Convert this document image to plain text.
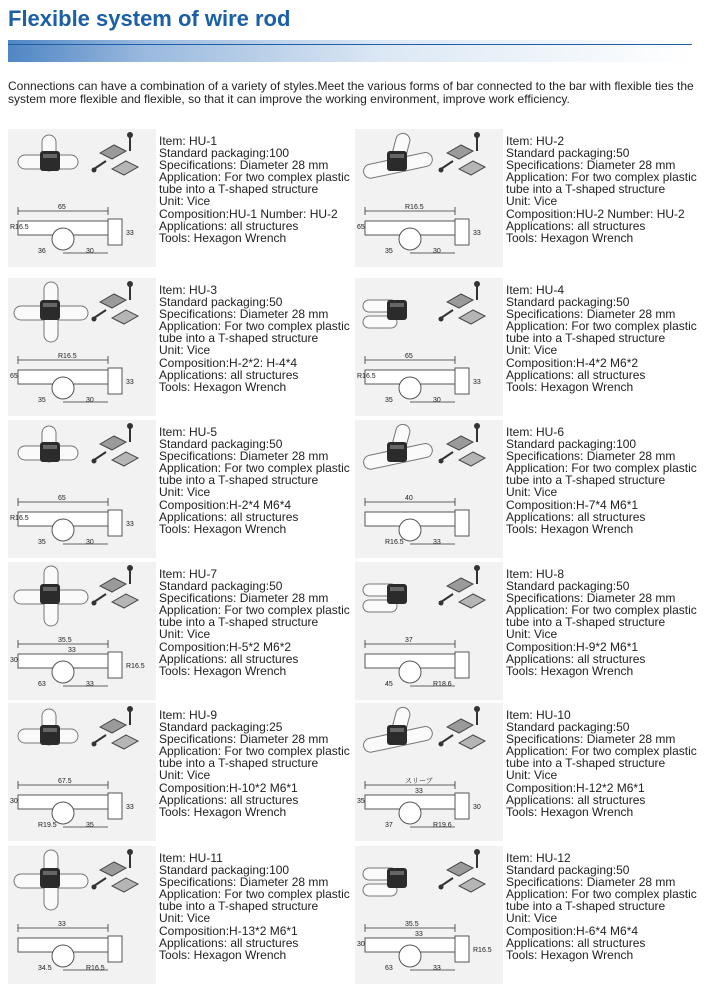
Flexible system of wire rod
Connections can have a combination of a variety of styles.Meet the various forms of bar connected to the bar with flexible ties the system more flexible and flexible, so that it can improve the working environment, improve work efficiency.
65
36	30
R16.5
33
Item: HU-1
Standard packaging:100
Specifications: Diameter 28 mm
Application: For two complex plastic tube into a T-shaped structure
Unit: Vice
Composition:HU-1 Number: HU-2
Applications: all structures
Tools: Hexagon Wrench
R16.5
35	30
65
33
Item: HU-2
Standard packaging:50
Specifications: Diameter 28 mm
Application: For two complex plastic tube into a T-shaped structure
Unit: Vice
Composition:HU-2 Number: HU-2
Applications: all structures
Tools: Hexagon Wrench
R16.5
35	30
65
33
Item: HU-3
Standard packaging:50
Specifications: Diameter 28 mm
Application: For two complex plastic tube into a T-shaped structure
Unit: Vice
Composition:H-2*2: H-4*4
Applications: all structures
Tools: Hexagon Wrench
65
35	30
R16.5
33
Item: HU-4
Standard packaging:50
Specifications: Diameter 28 mm
Application: For two complex plastic tube into a T-shaped structure
Unit: Vice
Composition:H-4*2 M6*2
Applications: all structures
Tools: Hexagon Wrench
65
35	30
R16.5
33
Item: HU-5
Standard packaging:50
Specifications: Diameter 28 mm
Application: For two complex plastic tube into a T-shaped structure
Unit: Vice
Composition:H-2*4 M6*4
Applications: all structures
Tools: Hexagon Wrench
40
R16.5	33
Item: HU-6
Standard packaging:100
Specifications: Diameter 28 mm
Application: For two complex plastic tube into a T-shaped structure
Unit: Vice
Composition:H-7*4 M6*1
Applications: all structures
Tools: Hexagon Wrench
35.5
63	33
30
R16.5
33
Item: HU-7
Standard packaging:50
Specifications: Diameter 28 mm
Application: For two complex plastic tube into a T-shaped structure
Unit: Vice
Composition:H-5*2 M6*2
Applications: all structures
Tools: Hexagon Wrench
37
45	R18.6
Item: HU-8
Standard packaging:50
Specifications: Diameter 28 mm
Application: For two complex plastic tube into a T-shaped structure
Unit: Vice
Composition:H-9*2 M6*1
Applications: all structures
Tools: Hexagon Wrench
67.5
R19.5	35
30
33
Item: HU-9
Standard packaging:25
Specifications: Diameter 28 mm
Application: For two complex plastic tube into a T-shaped structure
Unit: Vice
Composition:H-10*2 M6*1
Applications: all structures
Tools: Hexagon Wrench
スリーブ
37	R19.6
35
30
33
Item: HU-10
Standard packaging:50
Specifications: Diameter 28 mm
Application: For two complex plastic tube into a T-shaped structure
Unit: Vice
Composition:H-12*2 M6*1
Applications: all structures
Tools: Hexagon Wrench
33
34.5	R16.5
Item: HU-11
Standard packaging:100
Specifications: Diameter 28 mm
Application: For two complex plastic tube into a T-shaped structure
Unit: Vice
Composition:H-13*2 M6*1
Applications: all structures
Tools: Hexagon Wrench
35.5
63	33
30
R16.5
33
Item: HU-12
Standard packaging:50
Specifications: Diameter 28 mm
Application: For two complex plastic tube into a T-shaped structure
Unit: Vice
Composition:H-6*4 M6*4
Applications: all structures
Tools: Hexagon Wrench
